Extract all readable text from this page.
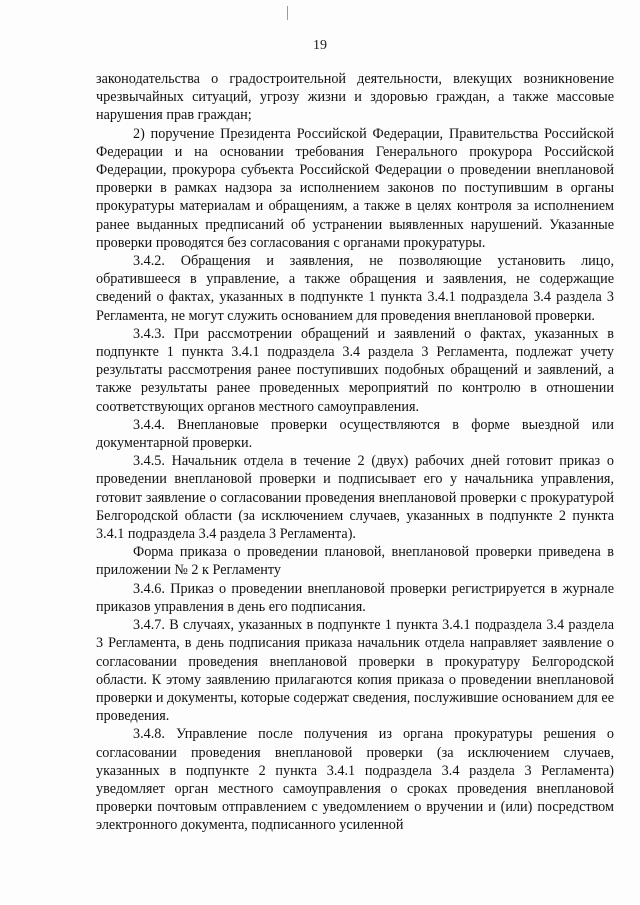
19

законодательства о градостроительной деятельности, влекущих возникновение чрезвычайных ситуаций, угрозу жизни и здоровью граждан, а также массовые нарушения прав граждан;

2) поручение Президента Российской Федерации, Правительства Российской Федерации и на основании требования Генерального прокурора Российской Федерации, прокурора субъекта Российской Федерации о проведении внеплановой проверки в рамках надзора за исполнением законов по поступившим в органы прокуратуры материалам и обращениям, а также в целях контроля за исполнением ранее выданных предписаний об устранении выявленных нарушений. Указанные проверки проводятся без согласования с органами прокуратуры.

3.4.2. Обращения и заявления, не позволяющие установить лицо, обратившееся в управление, а также обращения и заявления, не содержащие сведений о фактах, указанных в подпункте 1 пункта 3.4.1 подраздела 3.4 раздела 3 Регламента, не могут служить основанием для проведения внеплановой проверки.

3.4.3. При рассмотрении обращений и заявлений о фактах, указанных в подпункте 1 пункта 3.4.1 подраздела 3.4 раздела 3 Регламента, подлежат учету результаты рассмотрения ранее поступивших подобных обращений и заявлений, а также результаты ранее проведенных мероприятий по контролю в отношении соответствующих органов местного самоуправления.

3.4.4. Внеплановые проверки осуществляются в форме выездной или документарной проверки.

3.4.5. Начальник отдела в течение 2 (двух) рабочих дней готовит приказ о проведении внеплановой проверки и подписывает его у начальника управления, готовит заявление о согласовании проведения внеплановой проверки с прокуратурой Белгородской области (за исключением случаев, указанных в подпункте 2 пункта 3.4.1 подраздела 3.4 раздела 3 Регламента).

Форма приказа о проведении плановой, внеплановой проверки приведена в приложении № 2 к Регламенту

3.4.6. Приказ о проведении внеплановой проверки регистрируется в журнале приказов управления в день его подписания.

3.4.7. В случаях, указанных в подпункте 1 пункта 3.4.1 подраздела 3.4 раздела 3 Регламента, в день подписания приказа начальник отдела направляет заявление о согласовании проведения внеплановой проверки в прокуратуру Белгородской области. К этому заявлению прилагаются копия приказа о проведении внеплановой проверки и документы, которые содержат сведения, послужившие основанием для ее проведения.

3.4.8. Управление после получения из органа прокуратуры решения о согласовании проведения внеплановой проверки (за исключением случаев, указанных в подпункте 2 пункта 3.4.1 подраздела 3.4 раздела 3 Регламента) уведомляет орган местного самоуправления о сроках проведения внеплановой проверки почтовым отправлением с уведомлением о вручении и (или) посредством электронного документа, подписанного усиленной
